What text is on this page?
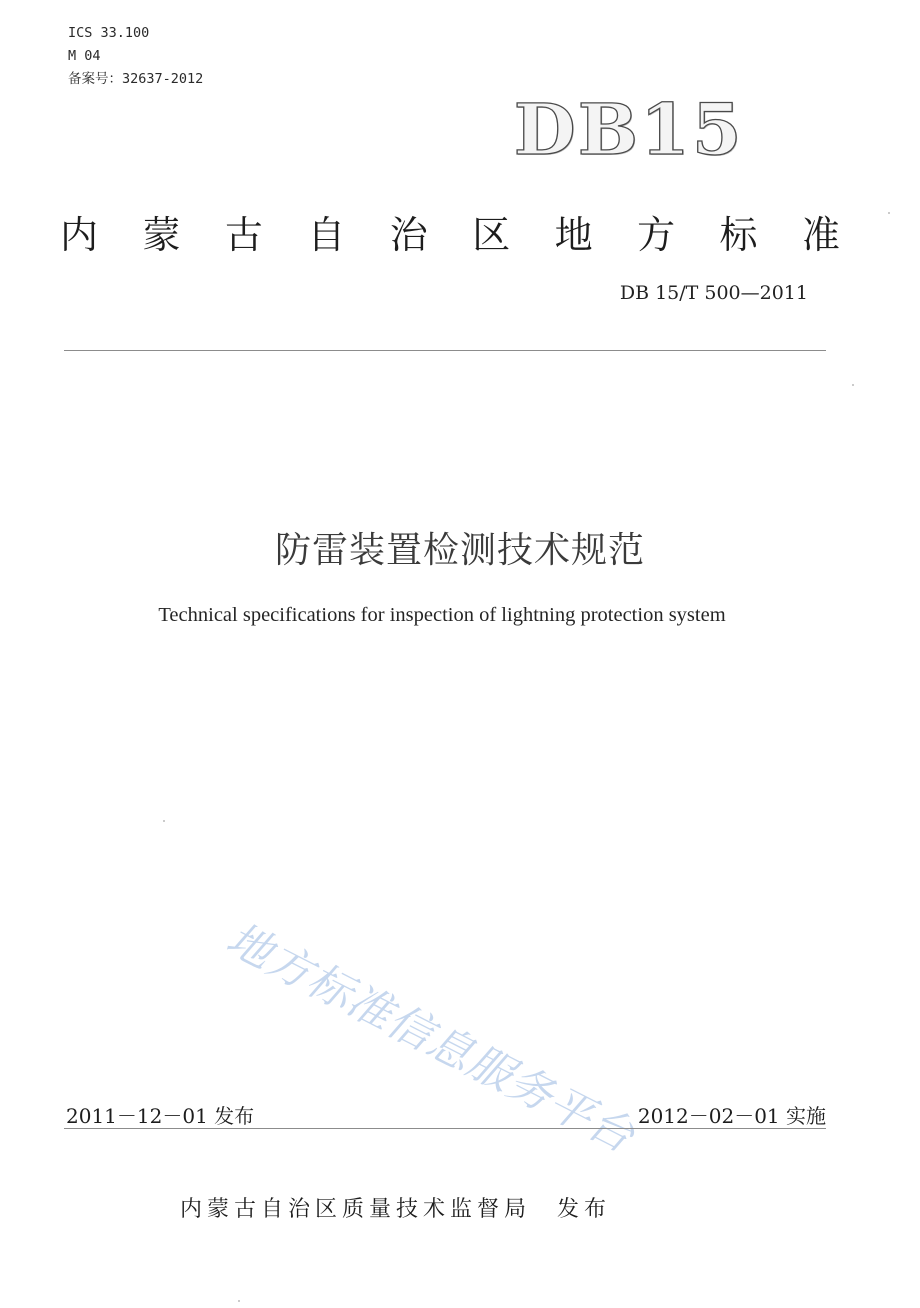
ICS 33.100
M 04
备案号：32637-2012
DB15
内 蒙 古 自 治 区 地 方 标 准
DB 15/T 500—2011
防雷装置检测技术规范
Technical specifications for inspection of lightning protection system
地方标准信息服务平台
2011－12－01 发布	2012－02－01 实施
内蒙古自治区质量技术监督局 发布
